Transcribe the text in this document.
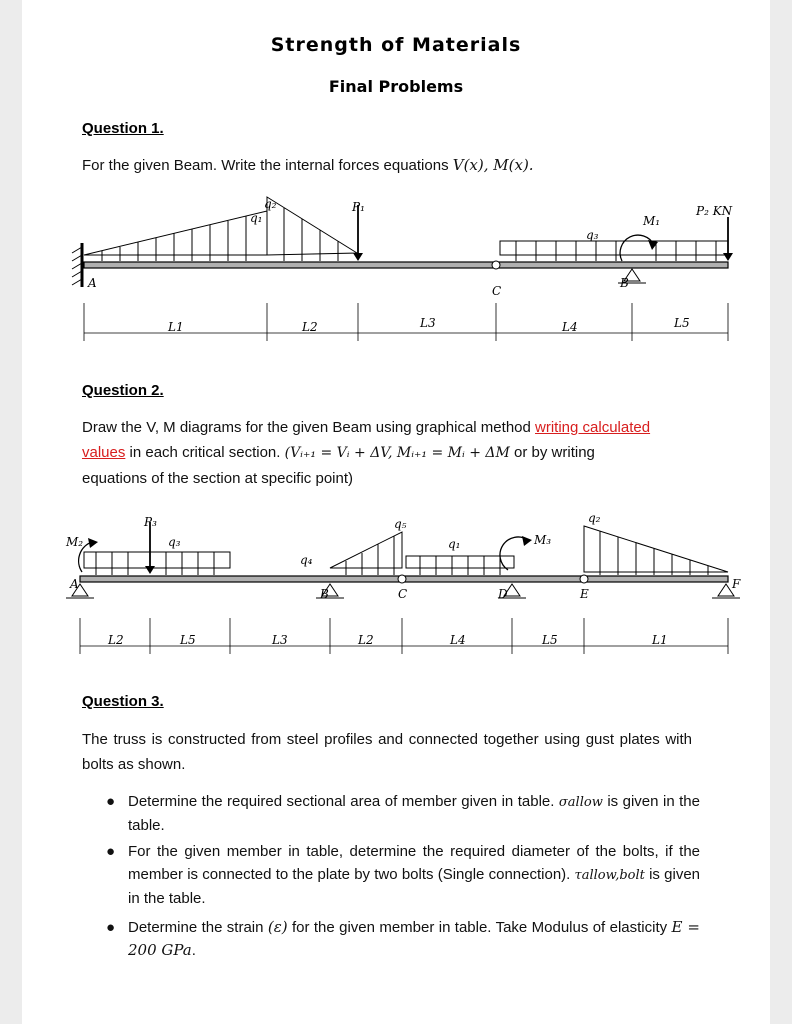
Strength of Materials
Final Problems
Question 1.
For the given Beam. Write the internal forces equations V(x), M(x).
q₂
q₁
P₁
q₃
M₁
P₂ KN
A
C
B
L1	L2	L3	L4	L5
Question 2.
Draw the V, M diagrams for the given Beam using graphical method writing calculated
values in each critical section. (Vᵢ₊₁ = Vᵢ + ΔV, Mᵢ₊₁ = Mᵢ + ΔM or by writing
equations of the section at specific point)
P₃
M₂	q₃
q₄
q₅
q₁	M₃
q₂
A
B	C	D	E
F
L2	L5	L3	L2	L4	L5	L1
Question 3.
The truss is constructed from steel profiles and connected together using gust plates with bolts as shown.
● Determine the required sectional area of member given in table. σallow is given in the table.
● For the given member in table, determine the required diameter of the bolts, if the member is connected to the plate by two bolts (Single connection). τallow,bolt is given in the table.
● Determine the strain (ε) for the given member in table. Take Modulus of elasticity E = 200 GPa.
